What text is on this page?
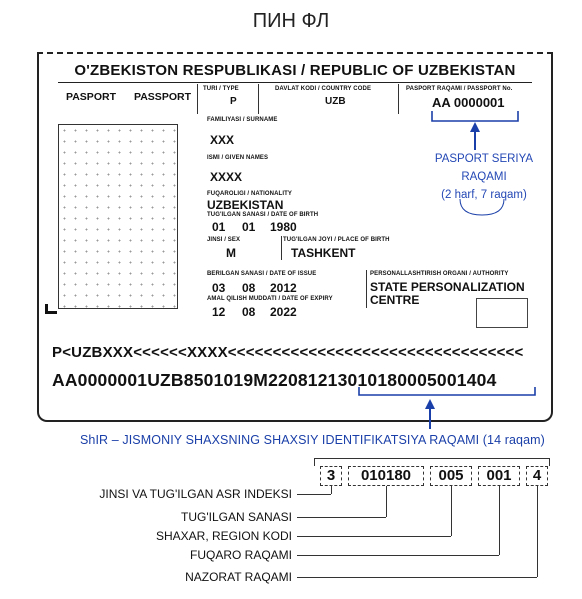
ПИН ФЛ
O'ZBEKISTON RESPUBLIKASI / REPUBLIC OF UZBEKISTAN
PASPORT PASSPORT
TURI / TYPE
P
DAVLAT KODI / COUNTRY CODE
UZB
PASPORT RAQAMI / PASSPORT No.
AA 0000001
FAMILIYASI / SURNAME
XXX
ISMI / GIVEN NAMES
XXXX
FUQAROLIGI / NATIONALITY
UZBEKISTAN
TUG'ILGAN SANASI / DATE OF BIRTH
01 01 1980
JINSI / SEX
M
TUG'ILGAN JOYI / PLACE OF BIRTH
TASHKENT
BERILGAN SANASI / DATE OF ISSUE
03 08 2012
AMAL QILISH MUDDATI / DATE OF EXPIRY
12 08 2022
PERSONALLASHTIRISH ORGANI / AUTHORITY
STATE PERSONALIZATION
CENTRE
P<UZBXXX<<<<<<XXXX<<<<<<<<<<<<<<<<<<<<<<<<<<<<<<<<<
AA0000001UZB8501019M22081213010180005001404
PASPORT SERIYA
RAQAMI
(2 harf, 7 raqam)
ShIR – JISMONIY SHAXSNING SHAXSIY IDENTIFIKATSIYA RAQAMI (14 raqam)
3	010180	005	001	4
JINSI VA TUG'ILGAN ASR INDEKSI
TUG'ILGAN SANASI
SHAXAR, REGION KODI
FUQARO RAQAMI
NAZORAT RAQAMI
